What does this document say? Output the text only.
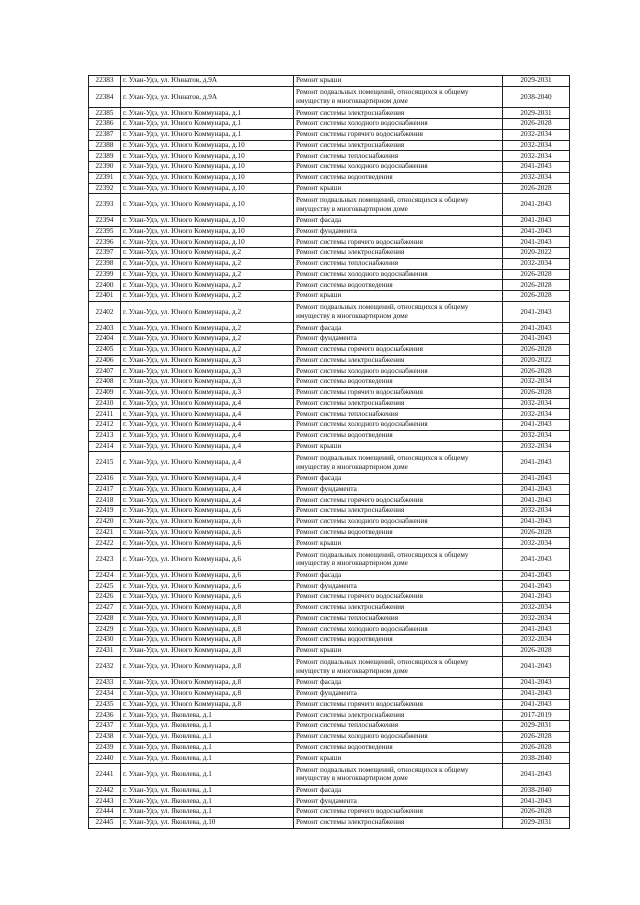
22383	г. Улан-Удэ, ул. Юннатов, д.9А	Ремонт крыши	2029-2031
22384	г. Улан-Удэ, ул. Юннатов, д.9А	Ремонт подвальных помещений, относящихся к общему имуществу в многоквартирном доме	2038-2040
22385	г. Улан-Удэ, ул. Юного Коммунара, д.1	Ремонт системы электроснабжения	2029-2031
22386	г. Улан-Удэ, ул. Юного Коммунара, д.1	Ремонт системы холодного водоснабжения	2026-2028
22387	г. Улан-Удэ, ул. Юного Коммунара, д.1	Ремонт системы горячего водоснабжения	2032-2034
22388	г. Улан-Удэ, ул. Юного Коммунара, д.10	Ремонт системы электроснабжения	2032-2034
22389	г. Улан-Удэ, ул. Юного Коммунара, д.10	Ремонт системы теплоснабжения	2032-2034
22390	г. Улан-Удэ, ул. Юного Коммунара, д.10	Ремонт системы холодного водоснабжения	2041-2043
22391	г. Улан-Удэ, ул. Юного Коммунара, д.10	Ремонт системы водоотведения	2032-2034
22392	г. Улан-Удэ, ул. Юного Коммунара, д.10	Ремонт крыши	2026-2028
22393	г. Улан-Удэ, ул. Юного Коммунара, д.10	Ремонт подвальных помещений, относящихся к общему имуществу в многоквартирном доме	2041-2043
22394	г. Улан-Удэ, ул. Юного Коммунара, д.10	Ремонт фасада	2041-2043
22395	г. Улан-Удэ, ул. Юного Коммунара, д.10	Ремонт фундамента	2041-2043
22396	г. Улан-Удэ, ул. Юного Коммунара, д.10	Ремонт системы горячего водоснабжения	2041-2043
22397	г. Улан-Удэ, ул. Юного Коммунара, д.2	Ремонт системы электроснабжения	2020-2022
22398	г. Улан-Удэ, ул. Юного Коммунара, д.2	Ремонт системы теплоснабжения	2032-2034
22399	г. Улан-Удэ, ул. Юного Коммунара, д.2	Ремонт системы холодного водоснабжения	2026-2028
22400	г. Улан-Удэ, ул. Юного Коммунара, д.2	Ремонт системы водоотведения	2026-2028
22401	г. Улан-Удэ, ул. Юного Коммунара, д.2	Ремонт крыши	2026-2028
22402	г. Улан-Удэ, ул. Юного Коммунара, д.2	Ремонт подвальных помещений, относящихся к общему имуществу в многоквартирном доме	2041-2043
22403	г. Улан-Удэ, ул. Юного Коммунара, д.2	Ремонт фасада	2041-2043
22404	г. Улан-Удэ, ул. Юного Коммунара, д.2	Ремонт фундамента	2041-2043
22405	г. Улан-Удэ, ул. Юного Коммунара, д.2	Ремонт системы горячего водоснабжения	2026-2028
22406	г. Улан-Удэ, ул. Юного Коммунара, д.3	Ремонт системы электроснабжения	2020-2022
22407	г. Улан-Удэ, ул. Юного Коммунара, д.3	Ремонт системы холодного водоснабжения	2026-2028
22408	г. Улан-Удэ, ул. Юного Коммунара, д.3	Ремонт системы водоотведения	2032-2034
22409	г. Улан-Удэ, ул. Юного Коммунара, д.3	Ремонт системы горячего водоснабжения	2026-2028
22410	г. Улан-Удэ, ул. Юного Коммунара, д.4	Ремонт системы электроснабжения	2032-2034
22411	г. Улан-Удэ, ул. Юного Коммунара, д.4	Ремонт системы теплоснабжения	2032-2034
22412	г. Улан-Удэ, ул. Юного Коммунара, д.4	Ремонт системы холодного водоснабжения	2041-2043
22413	г. Улан-Удэ, ул. Юного Коммунара, д.4	Ремонт системы водоотведения	2032-2034
22414	г. Улан-Удэ, ул. Юного Коммунара, д.4	Ремонт крыши	2032-2034
22415	г. Улан-Удэ, ул. Юного Коммунара, д.4	Ремонт подвальных помещений, относящихся к общему имуществу в многоквартирном доме	2041-2043
22416	г. Улан-Удэ, ул. Юного Коммунара, д.4	Ремонт фасада	2041-2043
22417	г. Улан-Удэ, ул. Юного Коммунара, д.4	Ремонт фундамента	2041-2043
22418	г. Улан-Удэ, ул. Юного Коммунара, д.4	Ремонт системы горячего водоснабжения	2041-2043
22419	г. Улан-Удэ, ул. Юного Коммунара, д.6	Ремонт системы электроснабжения	2032-2034
22420	г. Улан-Удэ, ул. Юного Коммунара, д.6	Ремонт системы холодного водоснабжения	2041-2043
22421	г. Улан-Удэ, ул. Юного Коммунара, д.6	Ремонт системы водоотведения	2026-2028
22422	г. Улан-Удэ, ул. Юного Коммунара, д.6	Ремонт крыши	2032-2034
22423	г. Улан-Удэ, ул. Юного Коммунара, д.6	Ремонт подвальных помещений, относящихся к общему имуществу в многоквартирном доме	2041-2043
22424	г. Улан-Удэ, ул. Юного Коммунара, д.6	Ремонт фасада	2041-2043
22425	г. Улан-Удэ, ул. Юного Коммунара, д.6	Ремонт фундамента	2041-2043
22426	г. Улан-Удэ, ул. Юного Коммунара, д.6	Ремонт системы горячего водоснабжения	2041-2043
22427	г. Улан-Удэ, ул. Юного Коммунара, д.8	Ремонт системы электроснабжения	2032-2034
22428	г. Улан-Удэ, ул. Юного Коммунара, д.8	Ремонт системы теплоснабжения	2032-2034
22429	г. Улан-Удэ, ул. Юного Коммунара, д.8	Ремонт системы холодного водоснабжения	2041-2043
22430	г. Улан-Удэ, ул. Юного Коммунара, д.8	Ремонт системы водоотведения	2032-2034
22431	г. Улан-Удэ, ул. Юного Коммунара, д.8	Ремонт крыши	2026-2028
22432	г. Улан-Удэ, ул. Юного Коммунара, д.8	Ремонт подвальных помещений, относящихся к общему имуществу в многоквартирном доме	2041-2043
22433	г. Улан-Удэ, ул. Юного Коммунара, д.8	Ремонт фасада	2041-2043
22434	г. Улан-Удэ, ул. Юного Коммунара, д.8	Ремонт фундамента	2041-2043
22435	г. Улан-Удэ, ул. Юного Коммунара, д.8	Ремонт системы горячего водоснабжения	2041-2043
22436	г. Улан-Удэ, ул. Яковлева, д.1	Ремонт системы электроснабжения	2017-2019
22437	г. Улан-Удэ, ул. Яковлева, д.1	Ремонт системы теплоснабжения	2029-2031
22438	г. Улан-Удэ, ул. Яковлева, д.1	Ремонт системы холодного водоснабжения	2026-2028
22439	г. Улан-Удэ, ул. Яковлева, д.1	Ремонт системы водоотведения	2026-2028
22440	г. Улан-Удэ, ул. Яковлева, д.1	Ремонт крыши	2038-2040
22441	г. Улан-Удэ, ул. Яковлева, д.1	Ремонт подвальных помещений, относящихся к общему имуществу в многоквартирном доме	2041-2043
22442	г. Улан-Удэ, ул. Яковлева, д.1	Ремонт фасада	2038-2040
22443	г. Улан-Удэ, ул. Яковлева, д.1	Ремонт фундамента	2041-2043
22444	г. Улан-Удэ, ул. Яковлева, д.1	Ремонт системы горячего водоснабжения	2026-2028
22445	г. Улан-Удэ, ул. Яковлева, д.10	Ремонт системы электроснабжения	2029-2031
